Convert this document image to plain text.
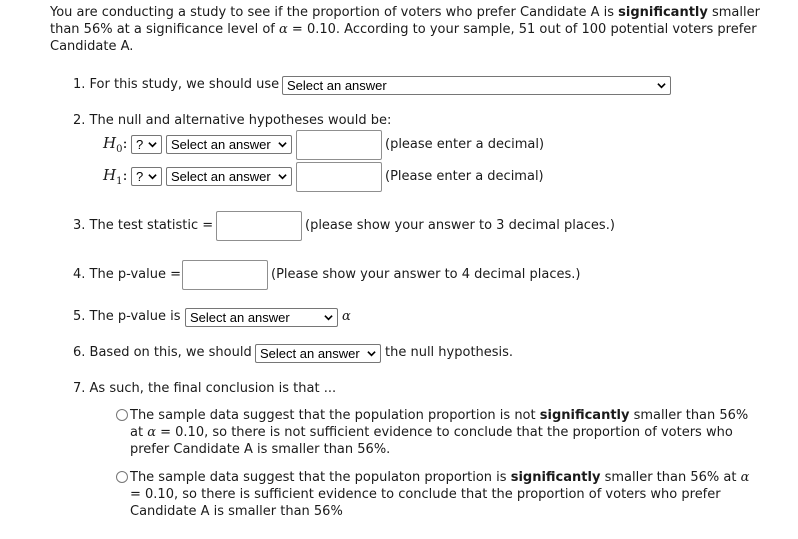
You are conducting a study to see if the proportion of voters who prefer Candidate A is significantly smaller than 56% at a significance level of α = 0.10. According to your sample, 51 out of 100 potential voters prefer Candidate A.
1. For this study, we should use Select an answer
2. The null and alternative hypotheses would be:
$H_0$: ?	Select an answer	(please enter a decimal)
$H_1$: ?	Select an answer	(Please enter a decimal)
3. The test statistic =	(please show your answer to 3 decimal places.)
4. The p-value =	(Please show your answer to 4 decimal places.)
5. The p-value is Select an answer	α
6. Based on this, we should Select an answer	the null hypothesis.
7. As such, the final conclusion is that ...
The sample data suggest that the population proportion is not significantly smaller than 56% at α = 0.10, so there is not sufficient evidence to conclude that the proportion of voters who prefer Candidate A is smaller than 56%.
The sample data suggest that the populaton proportion is significantly smaller than 56% at α = 0.10, so there is sufficient evidence to conclude that the proportion of voters who prefer Candidate A is smaller than 56%
